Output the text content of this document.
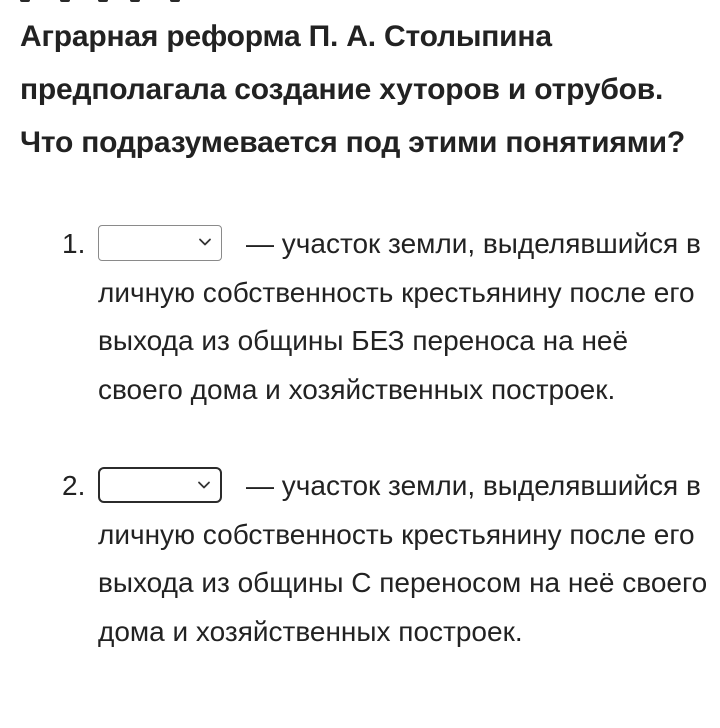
Аграрная реформа П. А. Столыпина предполагала создание хуторов и отрубов. Что подразумевается под этими понятиями?

1.	— участок земли, выделявшийся в личную собственность крестьянину после его выхода из общины БЕЗ переноса на неё своего дома и хозяйственных построек.
2.	— участок земли, выделявшийся в личную собственность крестьянину после его выхода из общины С переносом на неё своего дома и хозяйственных построек.
